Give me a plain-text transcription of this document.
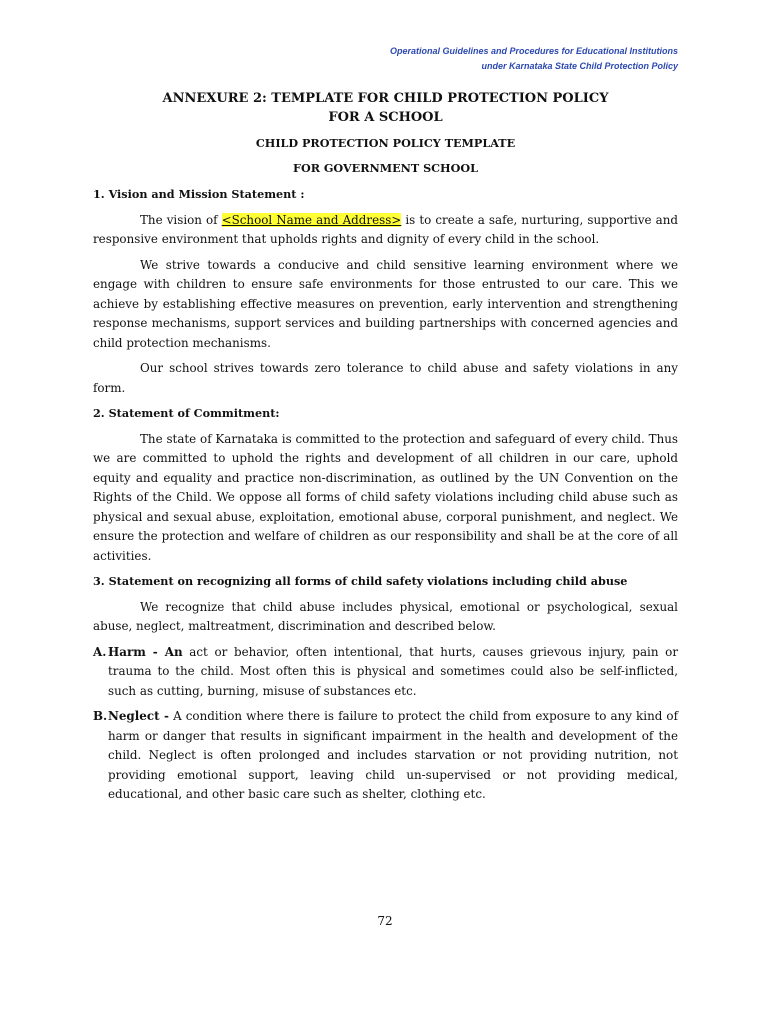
Operational Guidelines and Procedures for Educational Institutions
under Karnataka State Child Protection Policy
ANNEXURE 2: TEMPLATE FOR CHILD PROTECTION POLICY
FOR A SCHOOL
CHILD PROTECTION POLICY TEMPLATE
FOR GOVERNMENT SCHOOL
1. Vision and Mission Statement :

The vision of <School Name and Address> is to create a safe, nurturing, supportive and responsive environment that upholds rights and dignity of every child in the school.

We strive towards a conducive and child sensitive learning environment where we engage with children to ensure safe environments for those entrusted to our care. This we achieve by establishing effective measures on prevention, early intervention and strengthening response mechanisms, support services and building partnerships with concerned agencies and child protection mechanisms.

Our school strives towards zero tolerance to child abuse and safety violations in any form.

2. Statement of Commitment:

The state of Karnataka is committed to the protection and safeguard of every child. Thus we are committed to uphold the rights and development of all children in our care, uphold equity and equality and practice non-discrimination, as outlined by the UN Convention on the Rights of the Child. We oppose all forms of child safety violations including child abuse such as physical and sexual abuse, exploitation, emotional abuse, corporal punishment, and neglect. We ensure the protection and welfare of children as our responsibility and shall be at the core of all activities.

3. Statement on recognizing all forms of child safety violations including child abuse

We recognize that child abuse includes physical, emotional or psychological, sexual abuse, neglect, maltreatment, discrimination and described below.

A. Harm - An act or behavior, often intentional, that hurts, causes grievous injury, pain or trauma to the child. Most often this is physical and sometimes could also be self-inflicted, such as cutting, burning, misuse of substances etc.
B. Neglect - A condition where there is failure to protect the child from exposure to any kind of harm or danger that results in significant impairment in the health and development of the child. Neglect is often prolonged and includes starvation or not providing nutrition, not providing emotional support, leaving child un-supervised or not providing medical, educational, and other basic care such as shelter, clothing etc.
72
